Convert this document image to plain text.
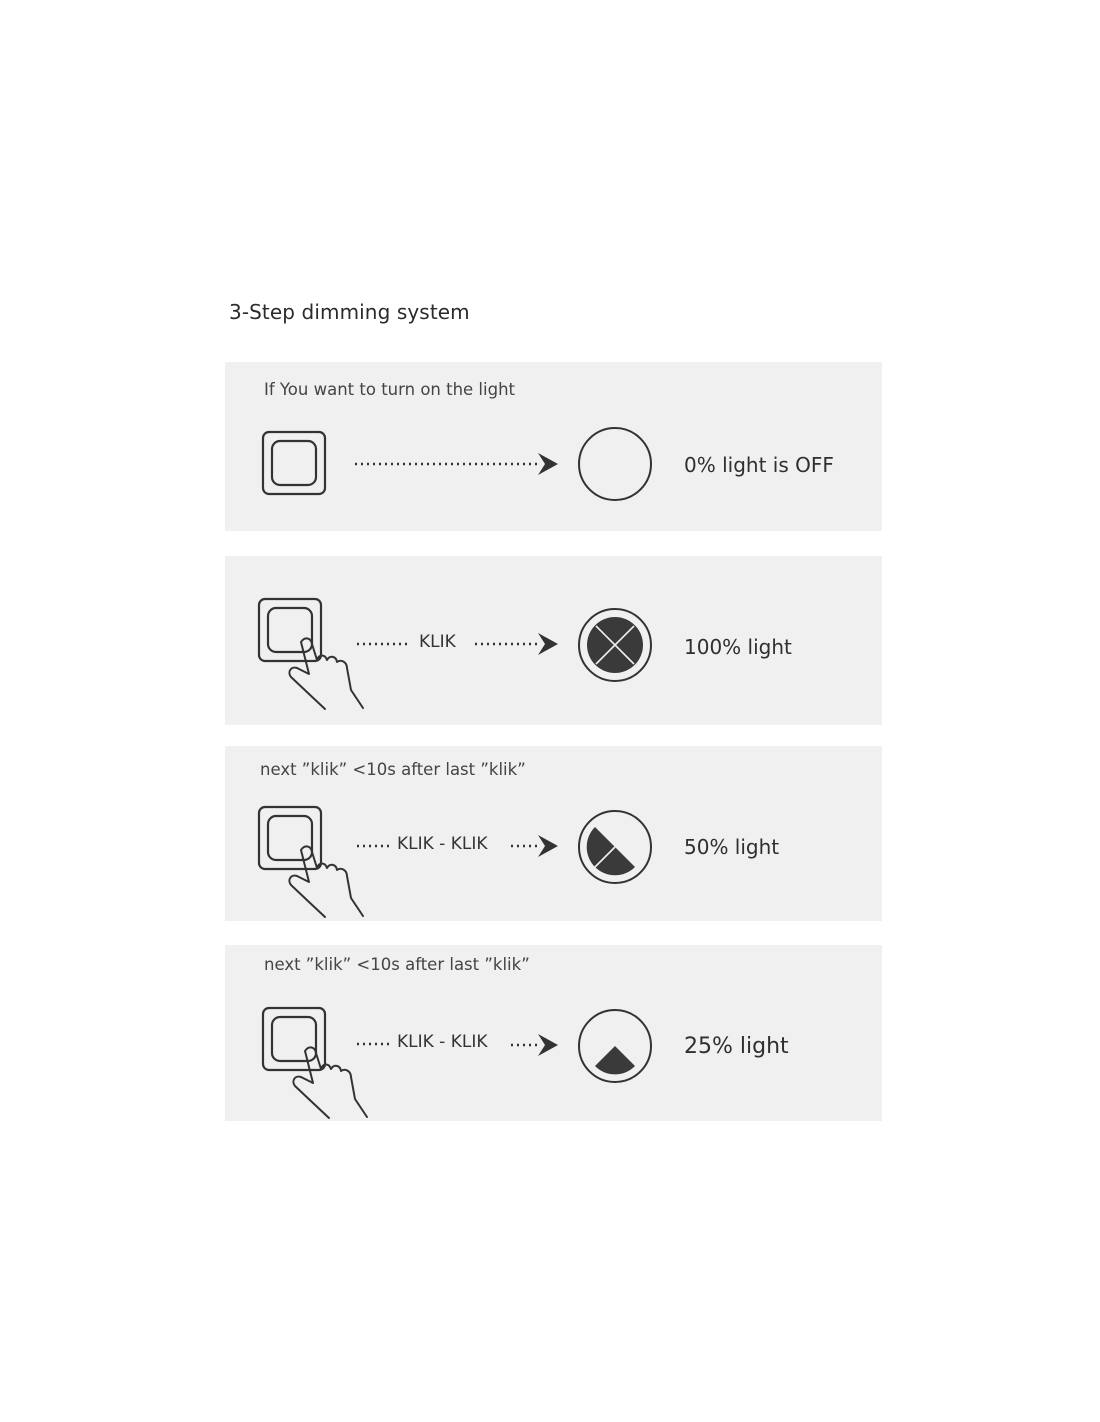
3-Step dimming system
If You want to turn on the light
0% light is OFF
KLIK	100% light
next ”klik” <10s after last ”klik”
KLIK - KLIK	50% light
next ”klik” <10s after last ”klik”
KLIK - KLIK	25% light
